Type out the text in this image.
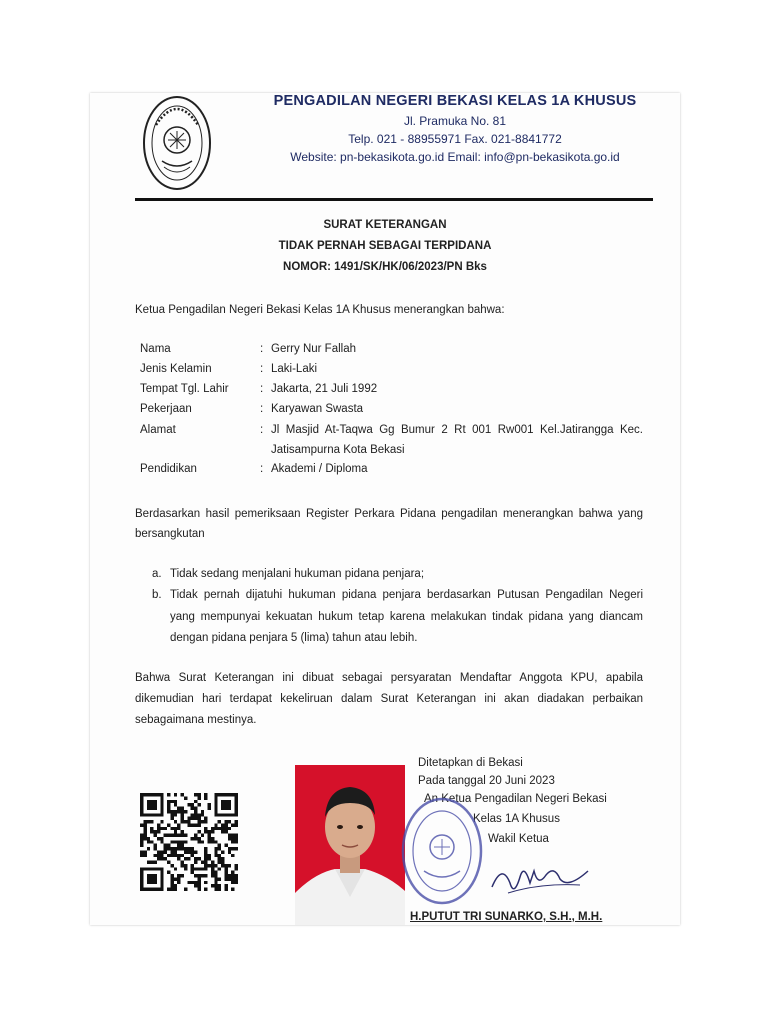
PENGADILAN NEGERI BEKASI KELAS 1A KHUSUS
Jl. Pramuka No. 81
Telp. 021 - 88955971 Fax. 021-8841772
Website: pn-bekasikota.go.id Email: info@pn-bekasikota.go.id
SURAT KETERANGAN
TIDAK PERNAH SEBAGAI TERPIDANA
NOMOR: 1491/SK/HK/06/2023/PN Bks
Ketua Pengadilan Negeri Bekasi Kelas 1A Khusus menerangkan bahwa:
Nama	: Gerry Nur Fallah
Jenis Kelamin	: Laki-Laki
Tempat Tgl. Lahir	: Jakarta, 21 Juli 1992
Pekerjaan	: Karyawan Swasta
Alamat	: Jl Masjid At-Taqwa Gg Bumur 2 Rt 001 Rw001 Kel.Jatirangga Kec.
Jatisampurna Kota Bekasi
Pendidikan	: Akademi / Diploma
Berdasarkan hasil pemeriksaan Register Perkara Pidana pengadilan menerangkan bahwa yang
bersangkutan
a. Tidak sedang menjalani hukuman pidana penjara;
b. Tidak pernah dijatuhi hukuman pidana penjara berdasarkan Putusan Pengadilan Negeri
yang mempunyai kekuatan hukum tetap karena melakukan tindak pidana yang diancam
dengan pidana penjara 5 (lima) tahun atau lebih.
Bahwa Surat Keterangan ini dibuat sebagai persyaratan Mendaftar Anggota KPU, apabila
dikemudian hari terdapat kekeliruan dalam Surat Keterangan ini akan diadakan perbaikan
sebagaimana mestinya.
Ditetapkan di Bekasi
Pada tanggal 20 Juni 2023
An Ketua Pengadilan Negeri Bekasi
Kelas 1A Khusus
Wakil Ketua
H.PUTUT TRI SUNARKO, S.H., M.H.
